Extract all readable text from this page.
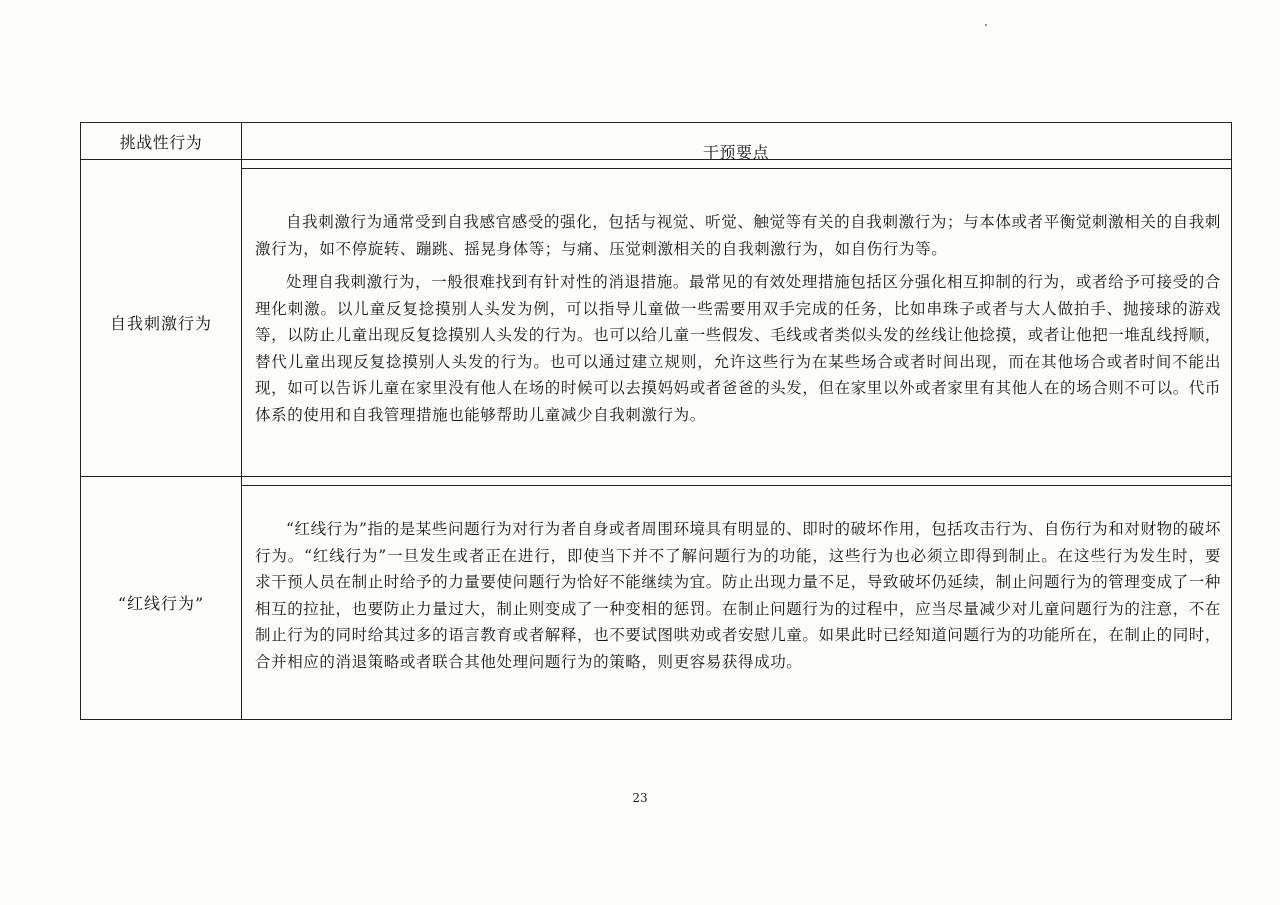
挑战性行为
干预要点
自我刺激行为

自我刺激行为通常受到自我感官感受的强化，包括与视觉、听觉、触觉等有关的自我刺激行为；与本体或者平衡觉刺激相关的自我刺激行为，如不停旋转、蹦跳、摇晃身体等；与痛、压觉刺激相关的自我刺激行为，如自伤行为等。

处理自我刺激行为，一般很难找到有针对性的消退措施。最常见的有效处理措施包括区分强化相互抑制的行为，或者给予可接受的合理化刺激。以儿童反复捻摸别人头发为例，可以指导儿童做一些需要用双手完成的任务，比如串珠子或者与大人做拍手、抛接球的游戏等，以防止儿童出现反复捻摸别人头发的行为。也可以给儿童一些假发、毛线或者类似头发的丝线让他捻摸，或者让他把一堆乱线捋顺，替代儿童出现反复捻摸别人头发的行为。也可以通过建立规则，允许这些行为在某些场合或者时间出现，而在其他场合或者时间不能出现，如可以告诉儿童在家里没有他人在场的时候可以去摸妈妈或者爸爸的头发，但在家里以外或者家里有其他人在的场合则不可以。代币体系的使用和自我管理措施也能够帮助儿童减少自我刺激行为。

“红线行为”

“红线行为”指的是某些问题行为对行为者自身或者周围环境具有明显的、即时的破坏作用，包括攻击行为、自伤行为和对财物的破坏行为。“红线行为”一旦发生或者正在进行，即使当下并不了解问题行为的功能，这些行为也必须立即得到制止。在这些行为发生时，要求干预人员在制止时给予的力量要使问题行为恰好不能继续为宜。防止出现力量不足，导致破坏仍延续，制止问题行为的管理变成了一种相互的拉扯，也要防止力量过大，制止则变成了一种变相的惩罚。在制止问题行为的过程中，应当尽量减少对儿童问题行为的注意，不在制止行为的同时给其过多的语言教育或者解释，也不要试图哄劝或者安慰儿童。如果此时已经知道问题行为的功能所在，在制止的同时，合并相应的消退策略或者联合其他处理问题行为的策略，则更容易获得成功。

23
